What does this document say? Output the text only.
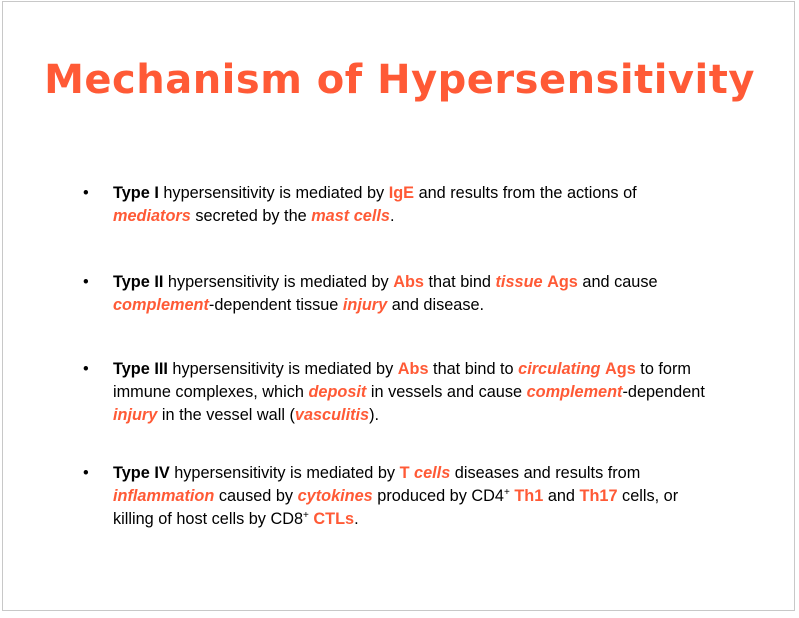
Mechanism of Hypersensitivity
•	Type I hypersensitivity is mediated by IgE and results from the actions of mediators secreted by the mast cells.
•	Type II hypersensitivity is mediated by Abs that bind tissue Ags and cause complement-dependent tissue injury and disease.
•	Type III hypersensitivity is mediated by Abs that bind to circulating Ags to form immune complexes, which deposit in vessels and cause complement-dependent injury in the vessel wall (vasculitis).
•	Type IV hypersensitivity is mediated by T cells diseases and results from inflammation caused by cytokines produced by CD4+ Th1 and Th17 cells, or killing of host cells by CD8+ CTLs.
